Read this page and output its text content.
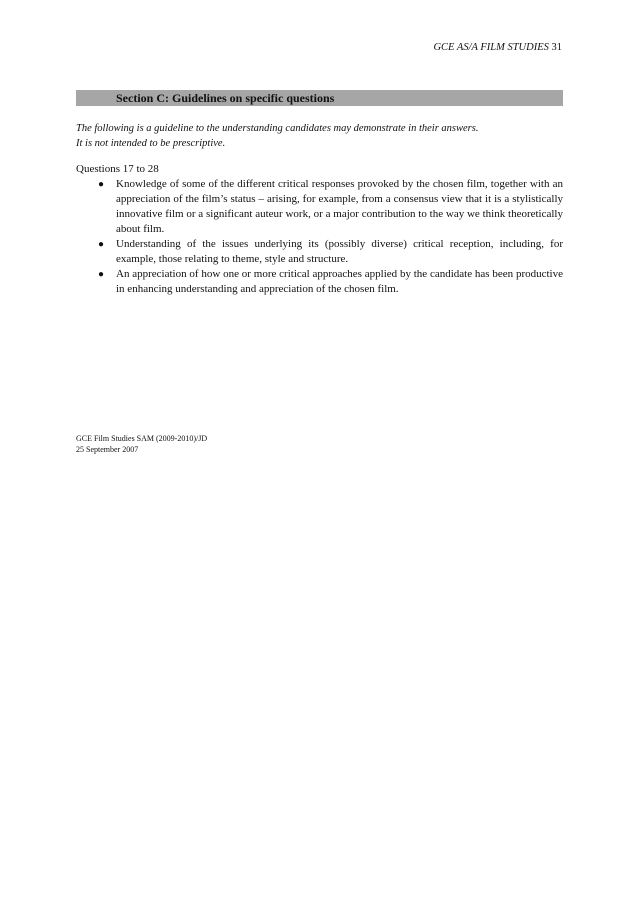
GCE AS/A FILM STUDIES 31
Section C: Guidelines on specific questions
The following is a guideline to the understanding candidates may demonstrate in their answers.
It is not intended to be prescriptive.
Questions 17 to 28
● Knowledge of some of the different critical responses provoked by the chosen film, together with an appreciation of the film’s status – arising, for example, from a consensus view that it is a stylistically innovative film or a significant auteur work, or a major contribution to the way we think theoretically about film.
● Understanding of the issues underlying its (possibly diverse) critical reception, including, for example, those relating to theme, style and structure.
● An appreciation of how one or more critical approaches applied by the candidate has been productive in enhancing understanding and appreciation of the chosen film.
GCE Film Studies SAM (2009-2010)/JD
25 September 2007
